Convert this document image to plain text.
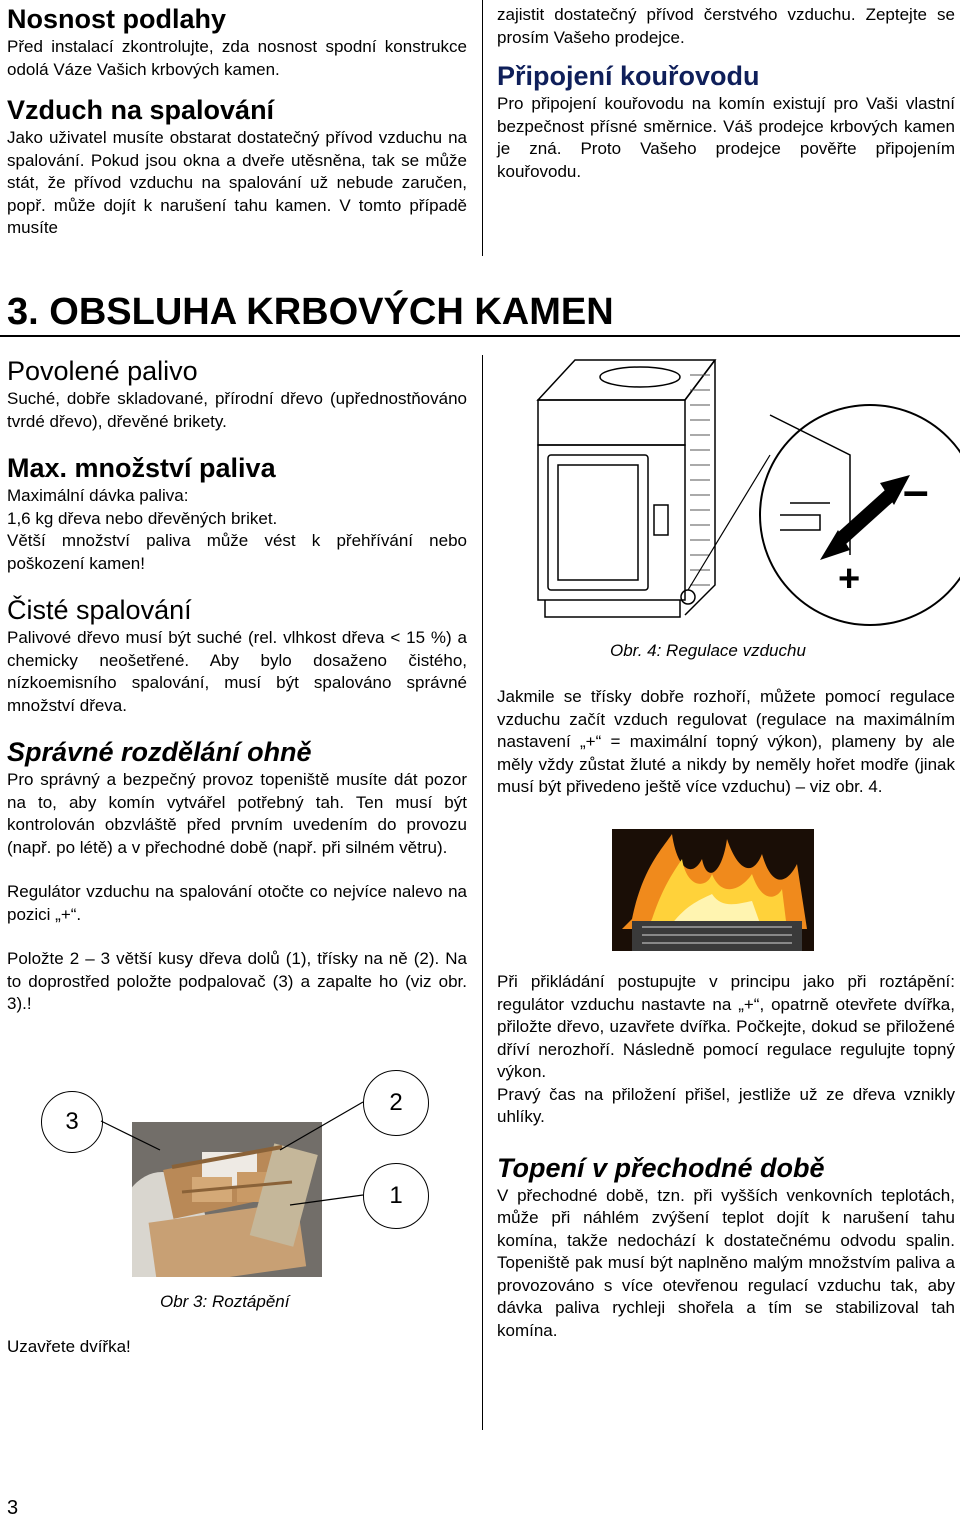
Nosnost podlahy

Před instalací zkontrolujte, zda nosnost spodní konstrukce odolá Váze Vašich krbových kamen.

Vzduch na spalování

Jako uživatel musíte obstarat dostatečný přívod vzduchu na spalování. Pokud jsou okna a dveře utěsněna, tak se může stát, že přívod vzduchu na spalování už nebude zaručen, popř. může dojít k narušení tahu kamen. V tomto případě musíte

zajistit dostatečný přívod čerstvého vzduchu. Zeptejte se prosím Vašeho prodejce.

Připojení kouřovodu

Pro připojení kouřovodu na komín existují pro Vaši vlastní bezpečnost přísné směrnice. Váš prodejce krbových kamen je zná. Proto Vašeho prodejce pověřte připojením kouřovodu.

3. OBSLUHA KRBOVÝCH KAMEN
Povolené palivo

Suché, dobře skladované, přírodní dřevo (upřednostňováno tvrdé dřevo), dřevěné brikety.

Max. množství paliva

Maximální dávka paliva:

1,6 kg dřeva nebo dřevěných briket.

Větší množství paliva může vést k přehřívání nebo poškození kamen!

Čisté spalování

Palivové dřevo musí být suché (rel. vlhkost dřeva < 15 %) a chemicky neošetřené. Aby bylo dosaženo čistého, nízkoemisního spalování, musí být spalováno správné množství dřeva.

Správné rozdělání ohně

Pro správný a bezpečný provoz topeniště musíte dát pozor na to, aby komín vytvářel potřebný tah. Ten musí být kontrolován obzvláště před prvním uvedením do provozu (např. po létě) a v přechodné době (např. při silném větru).

Regulátor vzduchu na spalování otočte co nejvíce nalevo na pozici „+“.

Položte 2 – 3 větší kusy dřeva dolů (1), třísky na ně (2). Na to doprostřed položte podpalovač (3) a zapalte ho (viz obr. 3).!

3
2
1
Obr 3: Roztápění
Uzavřete dvířka!
–
+
Obr. 4: Regulace vzduchu

Jakmile se třísky dobře rozhoří, můžete pomocí regulace vzduchu začít vzduch regulovat (regulace na maximálním nastavení „+“ = maximální topný výkon), plameny by ale měly vždy zůstat žluté a nikdy by neměly hořet modře (jinak musí být přivedeno ještě více vzduchu) – viz obr. 4.

Při přikládání postupujte v principu jako při roztápění: regulátor vzduchu nastavte na „+“, opatrně otevřete dvířka, přiložte dřevo, uzavřete dvířka. Počkejte, dokud se přiložené dříví nerozhoří. Následně pomocí regulace regulujte topný výkon.

Pravý čas na přiložení přišel, jestliže už ze dřeva vznikly uhlíky.

Topení v přechodné době

V přechodné době, tzn. při vyšších venkovních teplotách, může při náhlém zvýšení teplot dojít k narušení tahu komína, takže nedochází k dostatečnému odvodu spalin. Topeniště pak musí být naplněno malým množstvím paliva a provozováno s více otevřenou regulací vzduchu tak, aby dávka paliva rychleji shořela a tím se stabilizoval tah komína.

3
